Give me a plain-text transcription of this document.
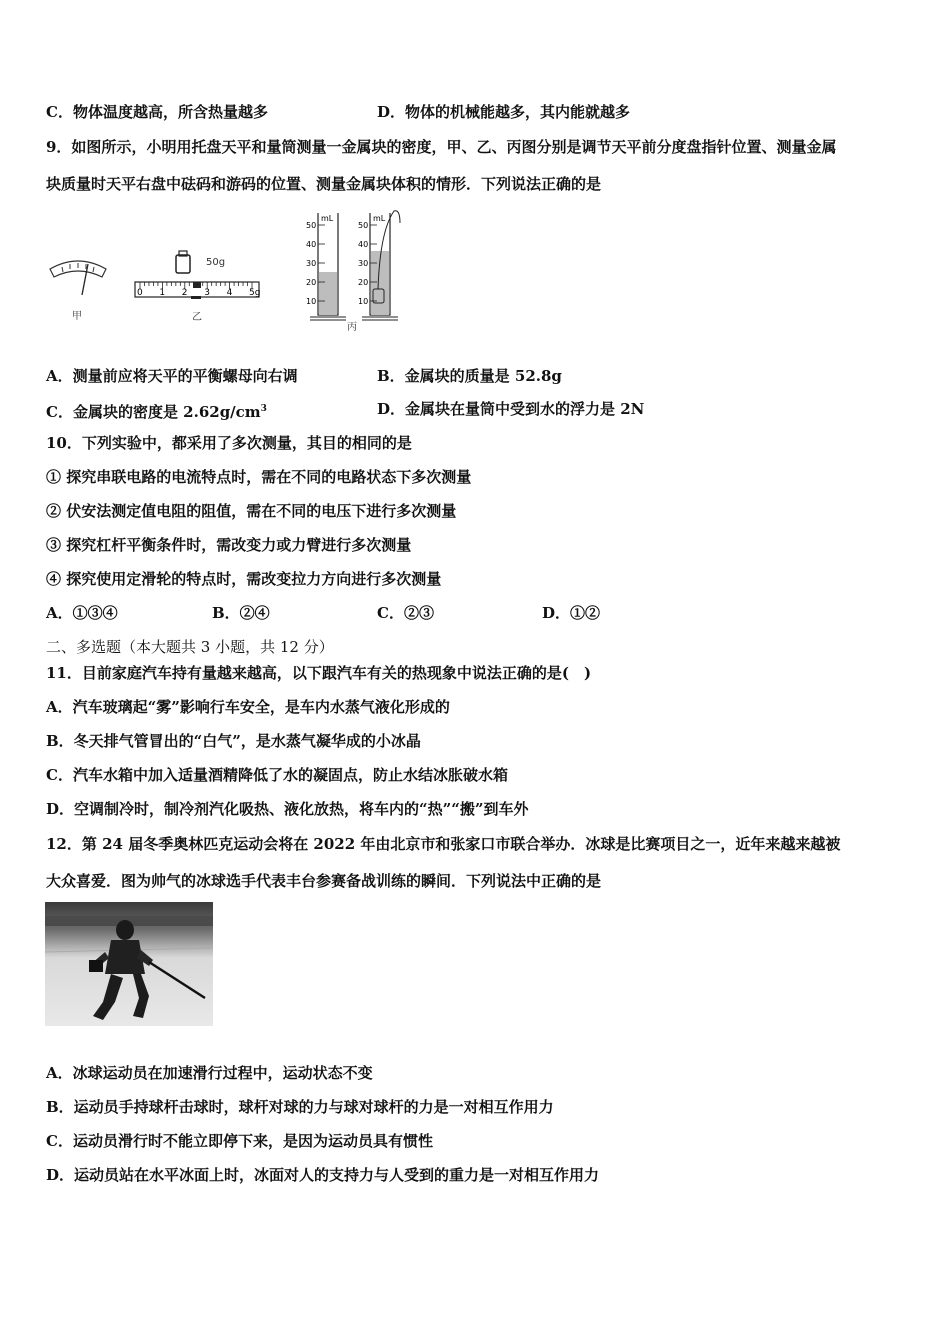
C．物体温度越高，所含热量越多	D．物体的机械能越多，其内能就越多
9．如图所示，小明用托盘天平和量筒测量一金属块的密度，甲、乙、丙图分别是调节天平前分度盘指针位置、测量金属
块质量时天平右盘中砝码和游码的位置、测量金属块体积的情形．下列说法正确的是
甲
50g
0 1 2 3 4 5g
乙
mL
50
40
30
20
10
mL
50
40
30
20
10
丙
A．测量前应将天平的平衡螺母向右调	B．金属块的质量是 52.8g
C．金属块的密度是 $2.62g/cm^3$	D．金属块在量筒中受到水的浮力是 2N
10．下列实验中，都采用了多次测量，其目的相同的是
① 探究串联电路的电流特点时，需在不同的电路状态下多次测量
② 伏安法测定值电阻的阻值，需在不同的电压下进行多次测量
③ 探究杠杆平衡条件时，需改变力或力臂进行多次测量
④ 探究使用定滑轮的特点时，需改变拉力方向进行多次测量
A．①③④	B．②④	C．②③	D．①②
二、多选题（本大题共 3 小题，共 12 分）
11．目前家庭汽车持有量越来越高，以下跟汽车有关的热现象中说法正确的是(　)
A．汽车玻璃起“雾”影响行车安全，是车内水蒸气液化形成的
B．冬天排气管冒出的“白气”，是水蒸气凝华成的小冰晶
C．汽车水箱中加入适量酒精降低了水的凝固点，防止水结冰胀破水箱
D．空调制冷时，制冷剂汽化吸热、液化放热，将车内的“热”“搬”到车外
12．第 24 届冬季奥林匹克运动会将在 2022 年由北京市和张家口市联合举办．冰球是比赛项目之一，近年来越来越被
大众喜爱．图为帅气的冰球选手代表丰台参赛备战训练的瞬间．下列说法中正确的是
A．冰球运动员在加速滑行过程中，运动状态不变
B．运动员手持球杆击球时，球杆对球的力与球对球杆的力是一对相互作用力
C．运动员滑行时不能立即停下来，是因为运动员具有惯性
D．运动员站在水平冰面上时，冰面对人的支持力与人受到的重力是一对相互作用力
